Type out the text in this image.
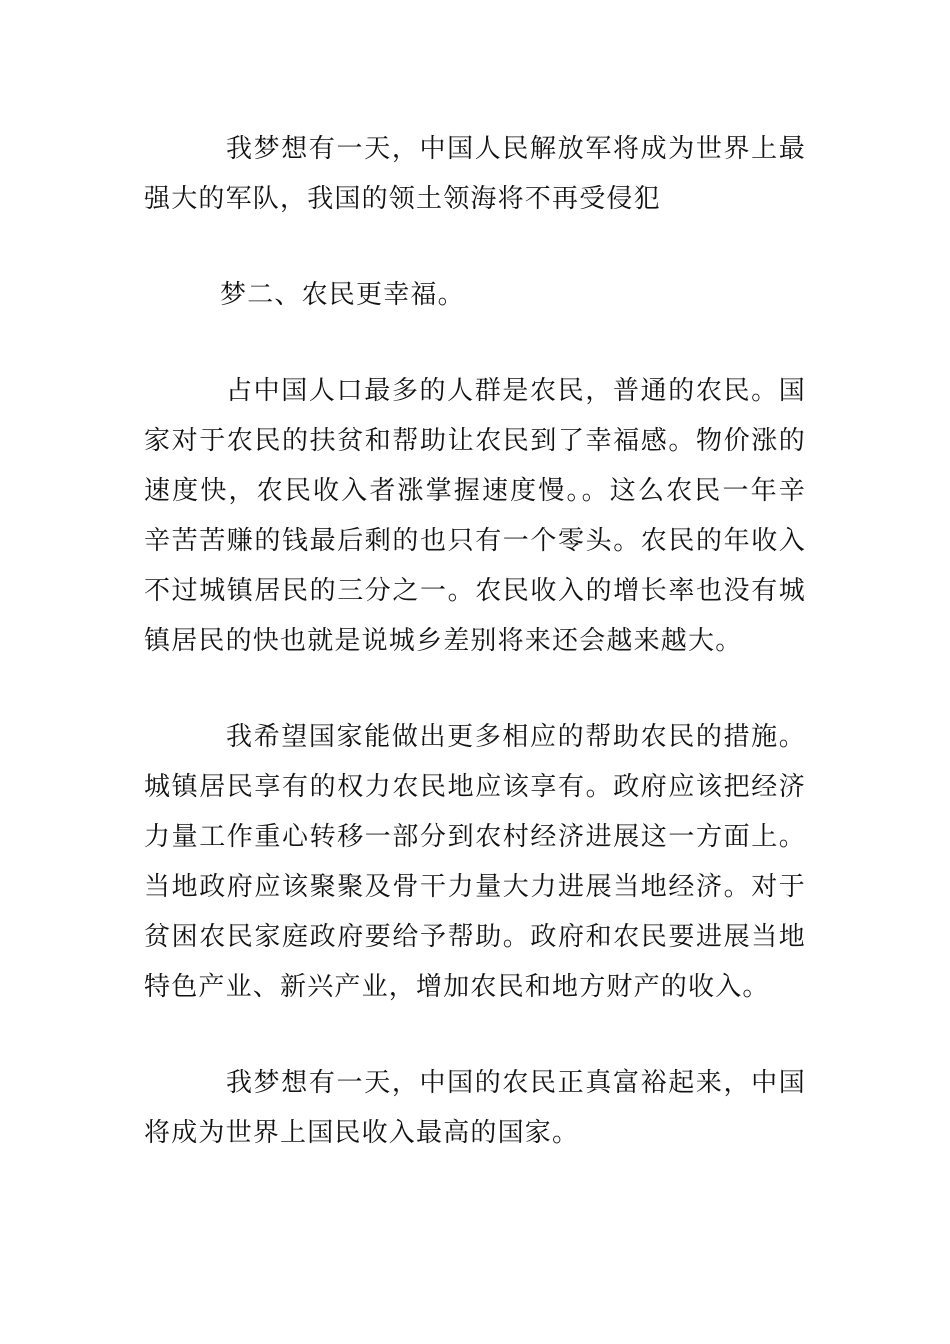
我梦想有一天，中国人民解放军将成为世界上最强大的军队，我国的领土领海将不再受侵犯

梦二、农民更幸福。

占中国人口最多的人群是农民，普通的农民。国家对于农民的扶贫和帮助让农民到了幸福感。物价涨的速度快，农民收入者涨掌握速度慢。。这么农民一年辛辛苦苦赚的钱最后剩的也只有一个零头。农民的年收入不过城镇居民的三分之一。农民收入的增长率也没有城镇居民的快也就是说城乡差别将来还会越来越大。

我希望国家能做出更多相应的帮助农民的措施。城镇居民享有的权力农民地应该享有。政府应该把经济力量工作重心转移一部分到农村经济进展这一方面上。当地政府应该聚聚及骨干力量大力进展当地经济。对于贫困农民家庭政府要给予帮助。政府和农民要进展当地特色产业、新兴产业，增加农民和地方财产的收入。

我梦想有一天，中国的农民正真富裕起来，中国将成为世界上国民收入最高的国家。
